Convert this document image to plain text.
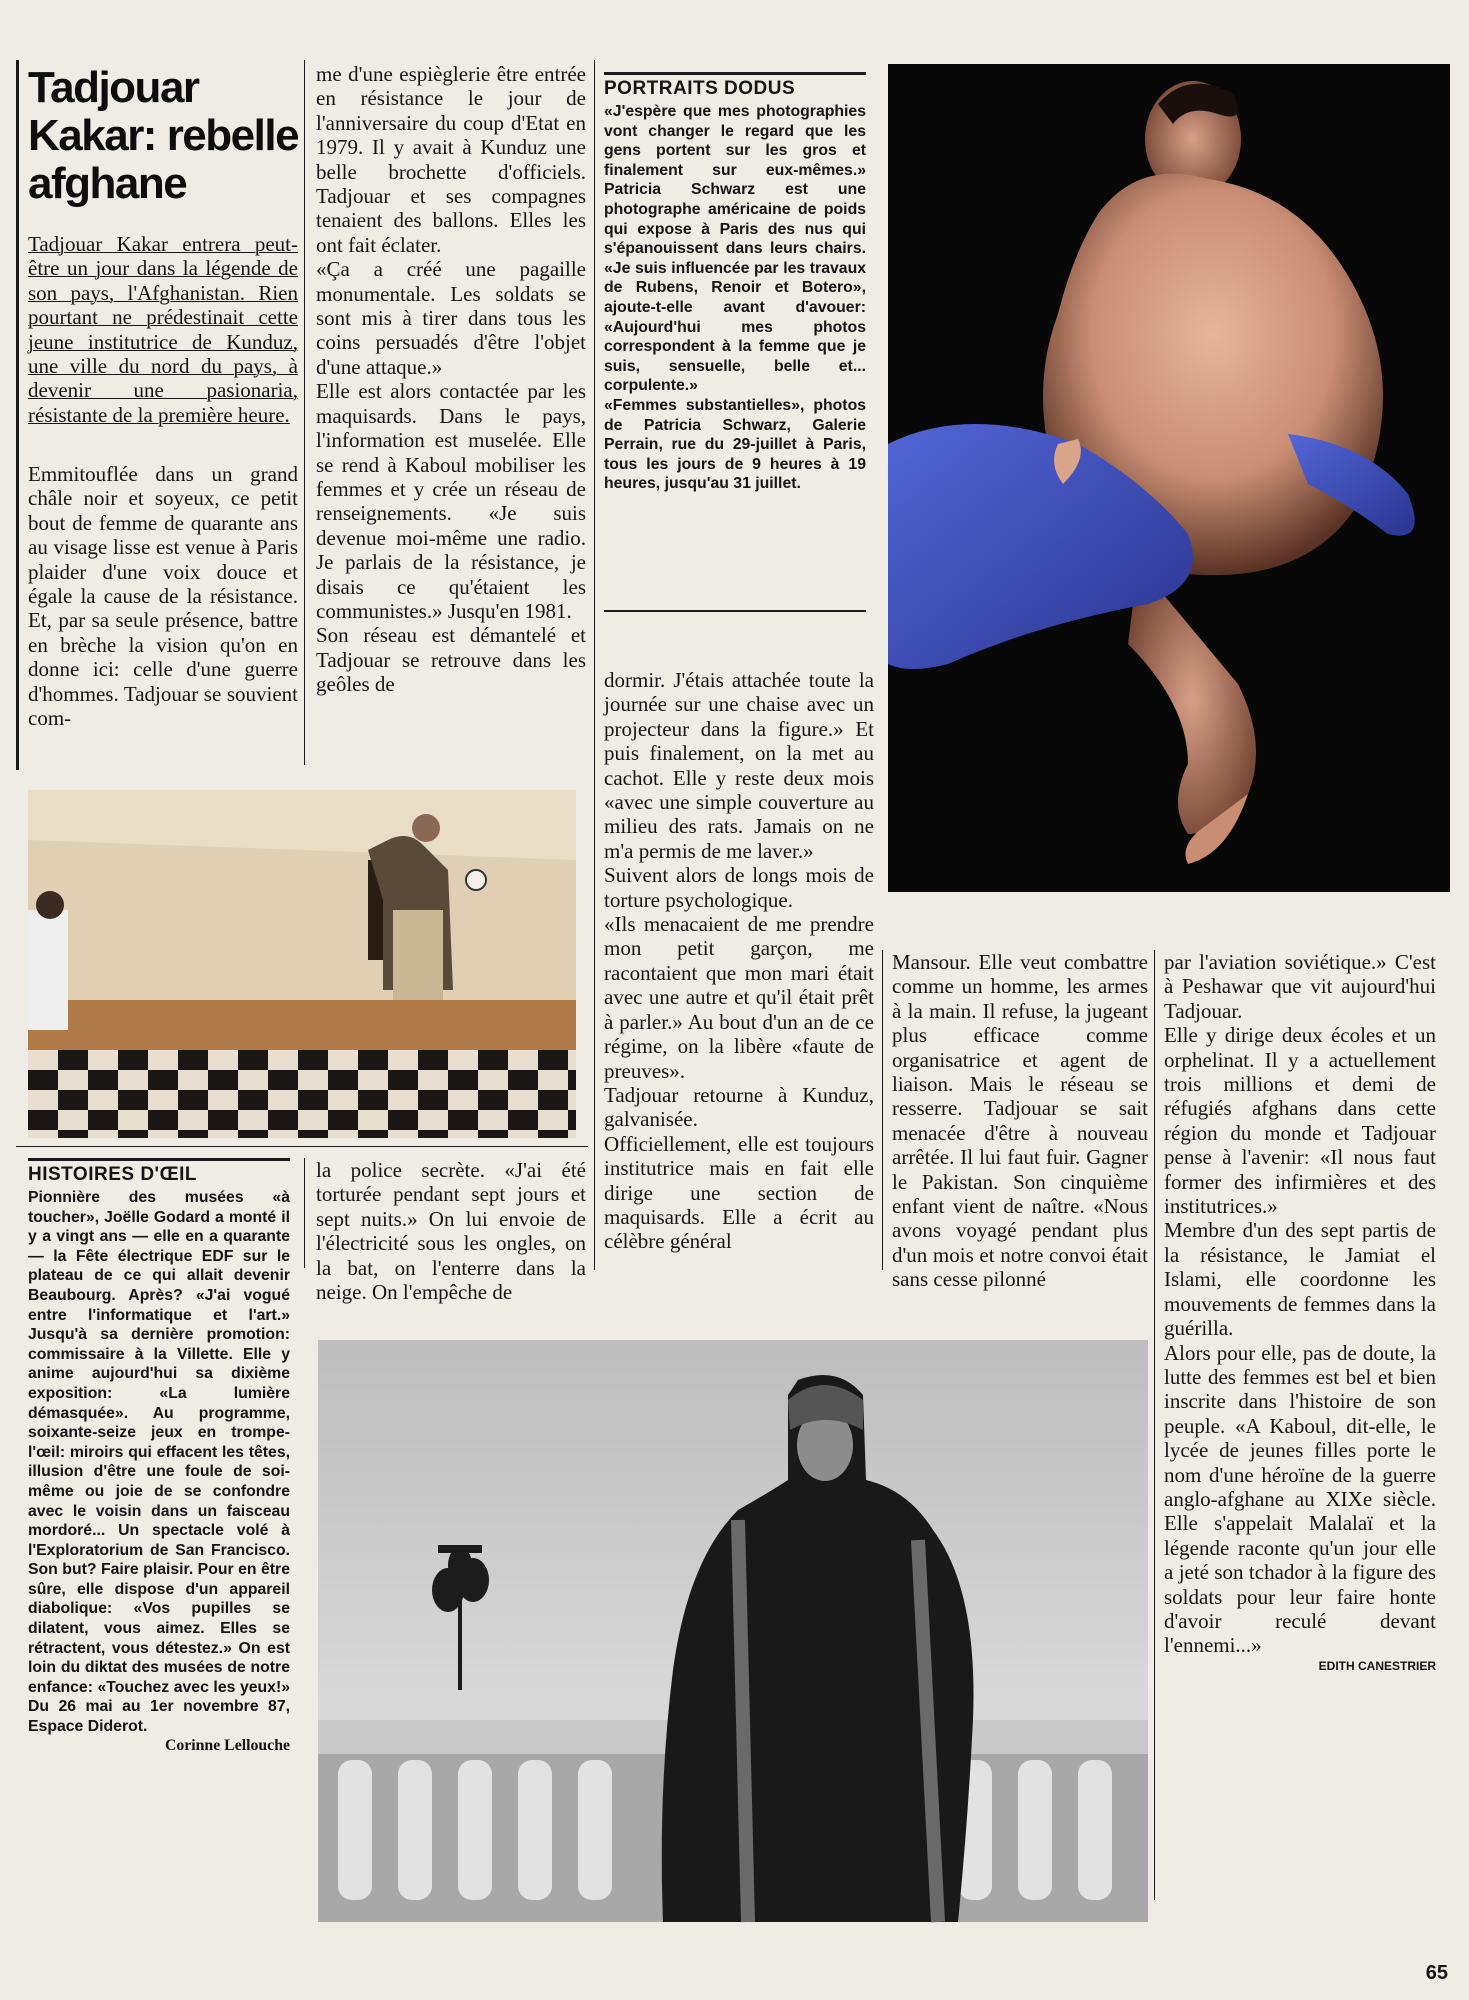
Tadjouar
Kakar: rebelle
afghane

Tadjouar Kakar entrera peut-être un jour dans la légende de son pays, l'Afghanistan. Rien pourtant ne prédestinait cette jeune institutrice de Kunduz, une ville du nord du pays, à devenir une pasionaria, résistante de la première heure.

Emmitouflée dans un grand châle noir et soyeux, ce petit bout de femme de quarante ans au visage lisse est venue à Paris plaider d'une voix douce et égale la cause de la résistance. Et, par sa seule présence, battre en brèche la vision qu'on en donne ici: celle d'une guerre d'hommes. Tadjouar se souvient com-

me d'une espièglerie être entrée en résistance le jour de l'anniversaire du coup d'Etat en 1979. Il y avait à Kunduz une belle brochette d'officiels. Tadjouar et ses compagnes tenaient des ballons. Elles les ont fait éclater.

«Ça a créé une pagaille monumentale. Les soldats se sont mis à tirer dans tous les coins persuadés d'être l'objet d'une attaque.»

Elle est alors contactée par les maquisards. Dans le pays, l'information est muselée. Elle se rend à Kaboul mobiliser les femmes et y crée un réseau de renseignements. «Je suis devenue moi-même une radio. Je parlais de la résistance, je disais ce qu'étaient les communistes.» Jusqu'en 1981.

Son réseau est démantelé et Tadjouar se retrouve dans les geôles de

PORTRAITS DODUS

«J'espère que mes photographies vont changer le regard que les gens portent sur les gros et finalement sur eux-mêmes.» Patricia Schwarz est une photographe américaine de poids qui expose à Paris des nus qui s'épanouissent dans leurs chairs. «Je suis influencée par les travaux de Rubens, Renoir et Botero», ajoute-t-elle avant d'avouer: «Aujourd'hui mes photos correspondent à la femme que je suis, sensuelle, belle et... corpulente.»

«Femmes substantielles», photos de Patricia Schwarz, Galerie Perrain, rue du 29-juillet à Paris, tous les jours de 9 heures à 19 heures, jusqu'au 31 juillet.

dormir. J'étais attachée toute la journée sur une chaise avec un projecteur dans la figure.» Et puis finalement, on la met au cachot. Elle y reste deux mois «avec une simple couverture au milieu des rats. Jamais on ne m'a permis de me laver.»

Suivent alors de longs mois de torture psychologique.

«Ils menacaient de me prendre mon petit garçon, me racontaient que mon mari était avec une autre et qu'il était prêt à parler.» Au bout d'un an de ce régime, on la libère «faute de preuves».

Tadjouar retourne à Kunduz, galvanisée.

Officiellement, elle est toujours institutrice mais en fait elle dirige une section de maquisards. Elle a écrit au célèbre général

HISTOIRES D'ŒIL

Pionnière des musées «à toucher», Joëlle Godard a monté il y a vingt ans — elle en a quarante — la Fête électrique EDF sur le plateau de ce qui allait devenir Beaubourg. Après? «J'ai vogué entre l'informatique et l'art.» Jusqu'à sa dernière promotion: commissaire à la Villette. Elle y anime aujourd'hui sa dixième exposition: «La lumière démasquée». Au programme, soixante-seize jeux en trompe-l'œil: miroirs qui effacent les têtes, illusion d'être une foule de soi-même ou joie de se confondre avec le voisin dans un faisceau mordoré... Un spectacle volé à l'Exploratorium de San Francisco. Son but? Faire plaisir. Pour en être sûre, elle dispose d'un appareil diabolique: «Vos pupilles se dilatent, vous aimez. Elles se rétractent, vous détestez.» On est loin du diktat des musées de notre enfance: «Touchez avec les yeux!» Du 26 mai au 1er novembre 87, Espace Diderot.

Corinne Lellouche

la police secrète. «J'ai été torturée pendant sept jours et sept nuits.» On lui envoie de l'électricité sous les ongles, on la bat, on l'enterre dans la neige. On l'empêche de

Mansour. Elle veut combattre comme un homme, les armes à la main. Il refuse, la jugeant plus efficace comme organisatrice et agent de liaison. Mais le réseau se resserre. Tadjouar se sait menacée d'être à nouveau arrêtée. Il lui faut fuir. Gagner le Pakistan. Son cinquième enfant vient de naître. «Nous avons voyagé pendant plus d'un mois et notre convoi était sans cesse pilonné

par l'aviation soviétique.» C'est à Peshawar que vit aujourd'hui Tadjouar.

Elle y dirige deux écoles et un orphelinat. Il y a actuellement trois millions et demi de réfugiés afghans dans cette région du monde et Tadjouar pense à l'avenir: «Il nous faut former des infirmières et des institutrices.»

Membre d'un des sept partis de la résistance, le Jamiat el Islami, elle coordonne les mouvements de femmes dans la guérilla.

Alors pour elle, pas de doute, la lutte des femmes est bel et bien inscrite dans l'histoire de son peuple. «A Kaboul, dit-elle, le lycée de jeunes filles porte le nom d'une héroïne de la guerre anglo-afghane au XIXe siècle. Elle s'appelait Malalaï et la légende raconte qu'un jour elle a jeté son tchador à la figure des soldats pour leur faire honte d'avoir reculé devant l'ennemi...»

EDITH CANESTRIER
65
